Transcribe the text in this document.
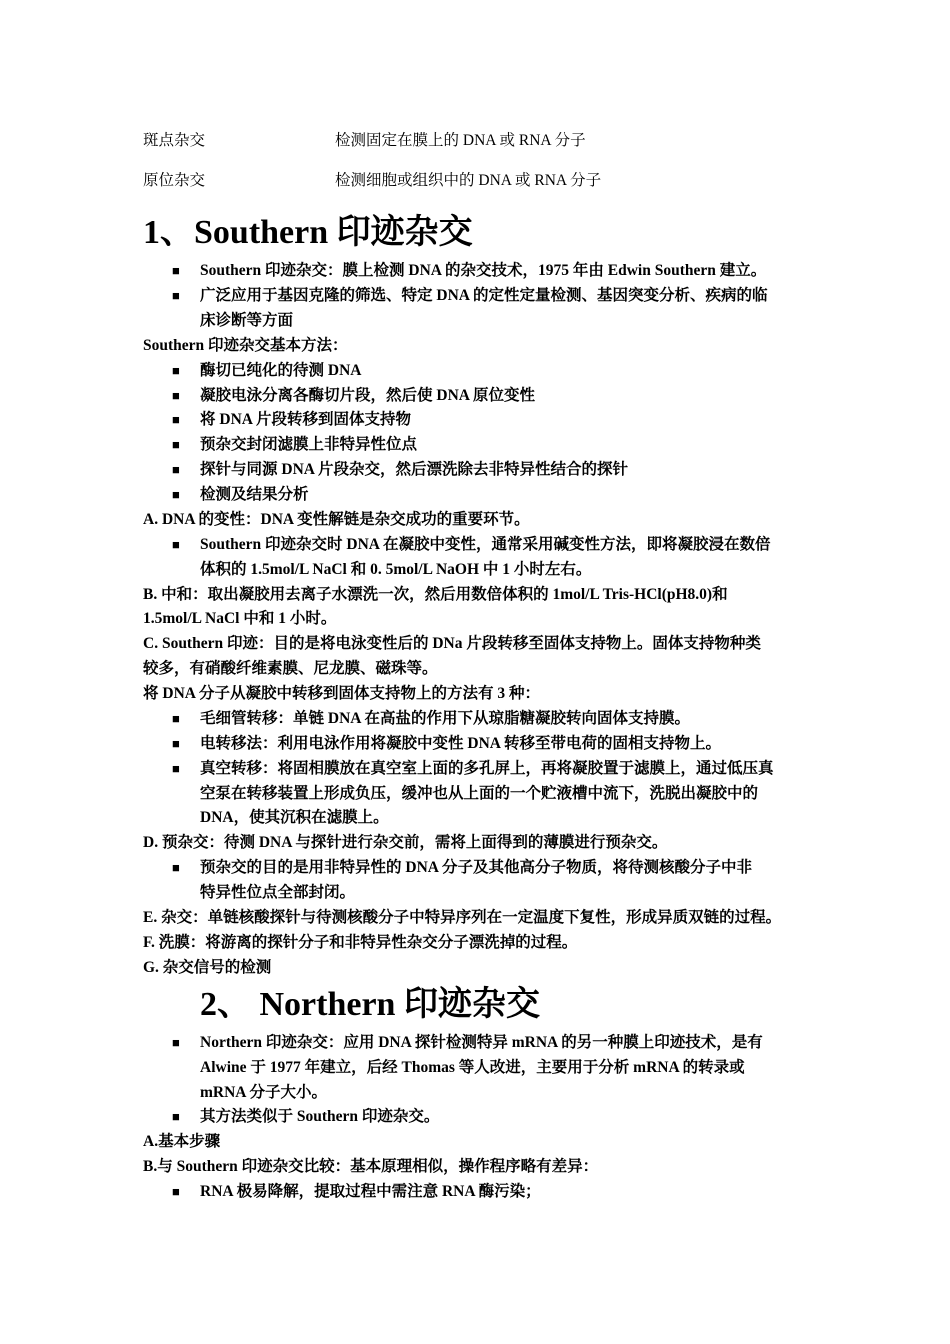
斑点杂交	检测固定在膜上的 DNA 或 RNA 分子
原位杂交	检测细胞或组织中的 DNA 或 RNA 分子
1、Southern 印迹杂交
■ Southern 印迹杂交：膜上检测 DNA 的杂交技术，1975 年由 Edwin Southern 建立。
■ 广泛应用于基因克隆的筛选、特定 DNA 的定性定量检测、基因突变分析、疾病的临
床诊断等方面
Southern 印迹杂交基本方法：
■ 酶切已纯化的待测 DNA
■ 凝胶电泳分离各酶切片段，然后使 DNA 原位变性
■ 将 DNA 片段转移到固体支持物
■ 预杂交封闭滤膜上非特异性位点
■ 探针与同源 DNA 片段杂交，然后漂洗除去非特异性结合的探针
■ 检测及结果分析
A. DNA 的变性：DNA 变性解链是杂交成功的重要环节。
■ Southern 印迹杂交时 DNA 在凝胶中变性，通常采用碱变性方法，即将凝胶浸在数倍
体积的 1.5mol/L NaCl 和 0. 5mol/L NaOH 中 1 小时左右。
B. 中和：取出凝胶用去离子水漂洗一次，然后用数倍体积的 1mol/L Tris-HCl(pH8.0)和
1.5mol/L NaCl 中和 1 小时。
C. Southern 印迹：目的是将电泳变性后的 DNa 片段转移至固体支持物上。固体支持物种类
较多，有硝酸纤维素膜、尼龙膜、磁珠等。
将 DNA 分子从凝胶中转移到固体支持物上的方法有 3 种：
■ 毛细管转移：单链 DNA 在高盐的作用下从琼脂糖凝胶转向固体支持膜。
■ 电转移法：利用电泳作用将凝胶中变性 DNA 转移至带电荷的固相支持物上。
■ 真空转移：将固相膜放在真空室上面的多孔屏上，再将凝胶置于滤膜上，通过低压真
空泵在转移装置上形成负压，缓冲也从上面的一个贮液槽中流下，洗脱出凝胶中的
DNA，使其沉积在滤膜上。
D. 预杂交：待测 DNA 与探针进行杂交前，需将上面得到的薄膜进行预杂交。
■ 预杂交的目的是用非特异性的 DNA 分子及其他高分子物质，将待测核酸分子中非
特异性位点全部封闭。
E. 杂交：单链核酸探针与待测核酸分子中特异序列在一定温度下复性，形成异质双链的过程。
F. 洗膜：将游离的探针分子和非特异性杂交分子漂洗掉的过程。
G. 杂交信号的检测
2、 Northern 印迹杂交
■ Northern 印迹杂交：应用 DNA 探针检测特异 mRNA 的另一种膜上印迹技术，是有
Alwine 于 1977 年建立，后经 Thomas 等人改进，主要用于分析 mRNA 的转录或
mRNA 分子大小。
■ 其方法类似于 Southern 印迹杂交。
A.基本步骤
B.与 Southern 印迹杂交比较：基本原理相似，操作程序略有差异：
■ RNA 极易降解，提取过程中需注意 RNA 酶污染；
